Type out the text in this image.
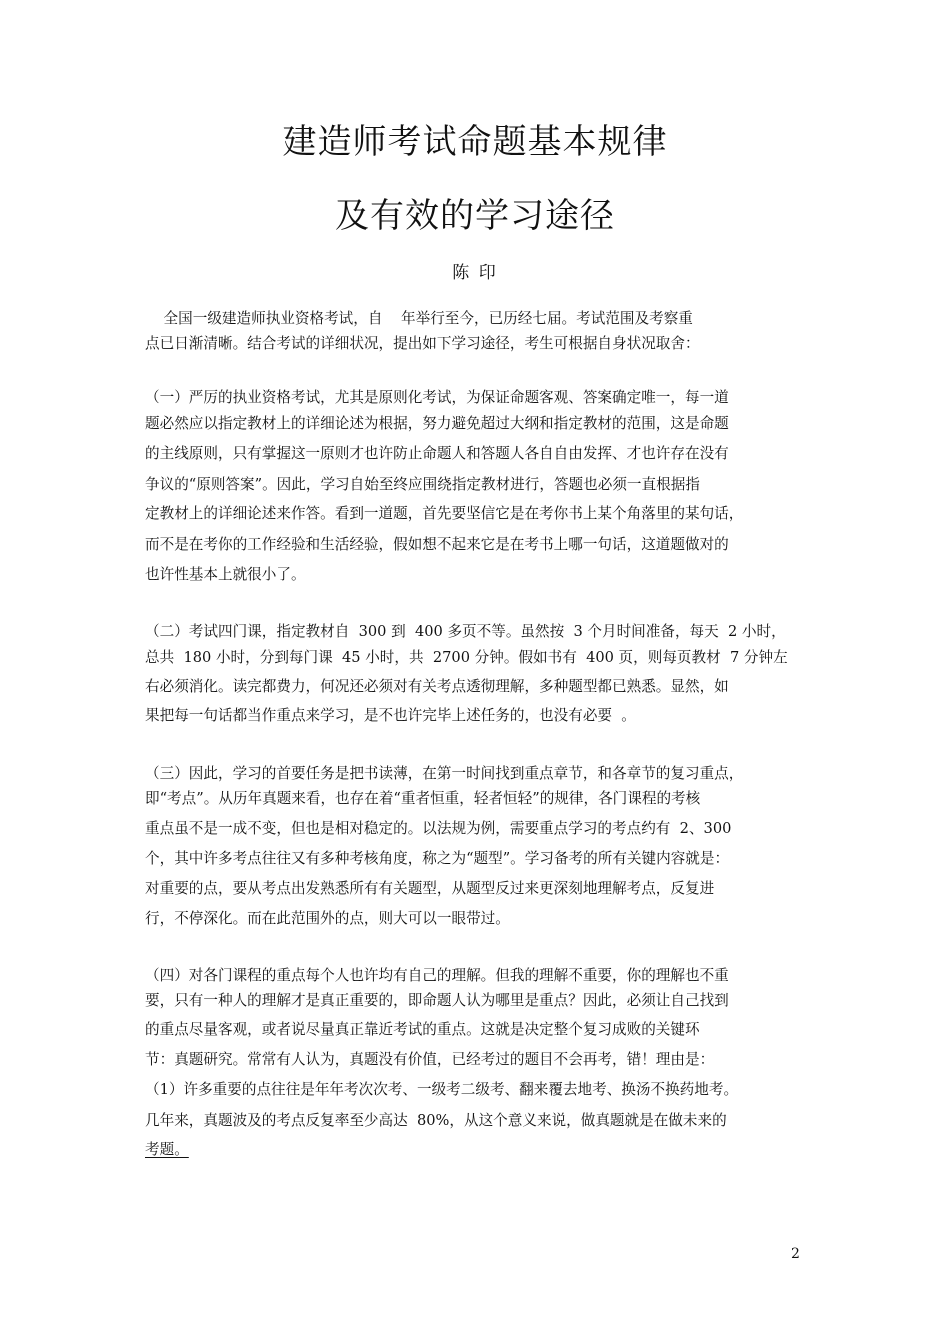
建造师考试命题基本规律
及有效的学习途径
陈 印
全国一级建造师执业资格考试，自    年举行至今，已历经七届。考试范围及考察重
点已日渐清晰。结合考试的详细状况，提出如下学习途径，考生可根据自身状况取舍：
（一）严厉的执业资格考试，尤其是原则化考试，为保证命题客观、答案确定唯一，每一道
题必然应以指定教材上的详细论述为根据，努力避免超过大纲和指定教材的范围，这是命题
的主线原则，只有掌握这一原则才也许防止命题人和答题人各自自由发挥、才也许存在没有
争议的“原则答案”。因此，学习自始至终应围绕指定教材进行，答题也必须一直根据指
定教材上的详细论述来作答。看到一道题，首先要坚信它是在考你书上某个角落里的某句话，
而不是在考你的工作经验和生活经验，假如想不起来它是在考书上哪一句话，这道题做对的
也许性基本上就很小了。
（二）考试四门课，指定教材自  300 到  400 多页不等。虽然按  3 个月时间准备，每天  2 小时，
总共  180 小时，分到每门课  45 小时，共  2700 分钟。假如书有  400 页，则每页教材  7 分钟左
右必须消化。读完都费力，何况还必须对有关考点透彻理解，多种题型都已熟悉。显然，如
果把每一句话都当作重点来学习，是不也许完毕上述任务的，也没有必要  。
（三）因此，学习的首要任务是把书读薄，在第一时间找到重点章节，和各章节的复习重点，
即“考点”。从历年真题来看，也存在着“重者恒重，轻者恒轻”的规律，各门课程的考核
重点虽不是一成不变，但也是相对稳定的。以法规为例，需要重点学习的考点约有  2、300
个，其中许多考点往往又有多种考核角度，称之为“题型”。学习备考的所有关键内容就是：
对重要的点，要从考点出发熟悉所有有关题型，从题型反过来更深刻地理解考点，反复进
行，不停深化。而在此范围外的点，则大可以一眼带过。
（四）对各门课程的重点每个人也许均有自己的理解。但我的理解不重要，你的理解也不重
要，只有一种人的理解才是真正重要的，即命题人认为哪里是重点？因此，必须让自己找到
的重点尽量客观，或者说尽量真正靠近考试的重点。这就是决定整个复习成败的关键环
节：真题研究。常常有人认为，真题没有价值，已经考过的题目不会再考，错！理由是：
（1）许多重要的点往往是年年考次次考、一级考二级考、翻来覆去地考、换汤不换药地考。
几年来，真题波及的考点反复率至少高达  80%，从这个意义来说，做真题就是在做未来的
考题。
2
